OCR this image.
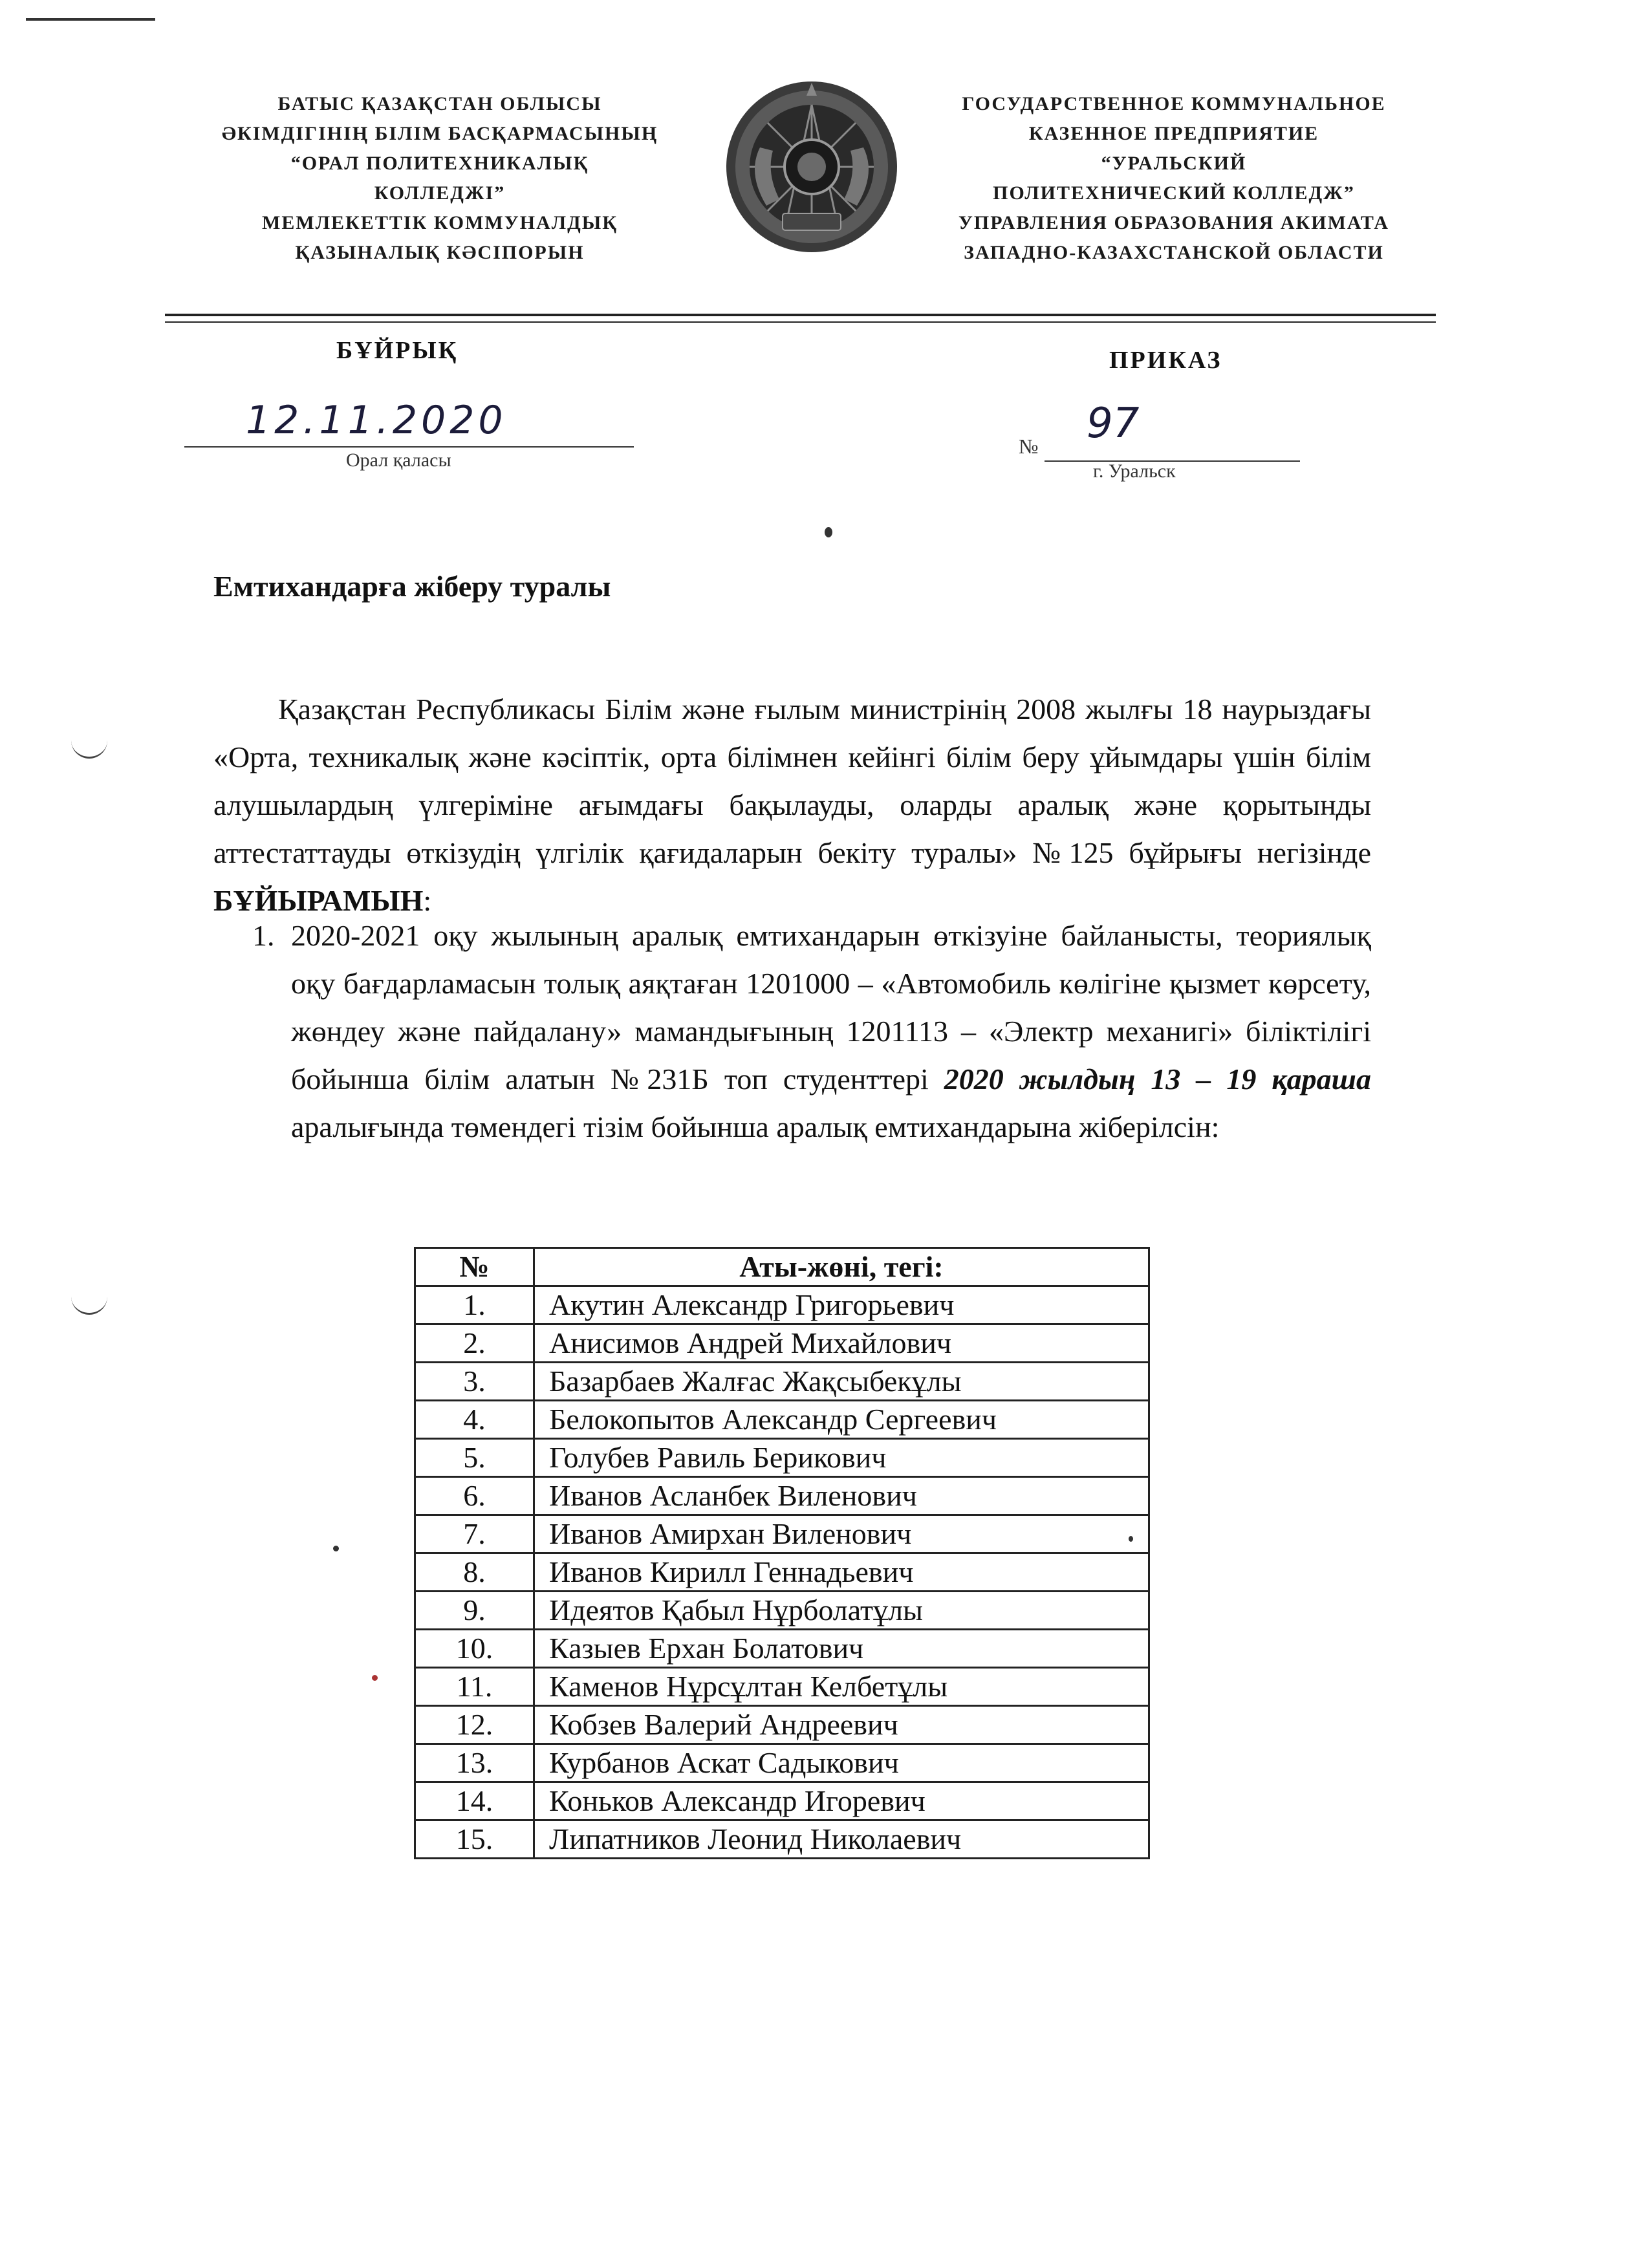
БАТЫС ҚАЗАҚСТАН ОБЛЫСЫ
ӘКІМДІГІНІҢ БІЛІМ БАСҚАРМАСЫНЫҢ
“ОРАЛ ПОЛИТЕХНИКАЛЫҚ
КОЛЛЕДЖІ”
МЕМЛЕКЕТТІК КОММУНАЛДЫҚ
ҚАЗЫНАЛЫҚ КӘСІПОРЫН
ГОСУДАРСТВЕННОЕ КОММУНАЛЬНОЕ
КАЗЕННОЕ ПРЕДПРИЯТИЕ
“УРАЛЬСКИЙ
ПОЛИТЕХНИЧЕСКИЙ КОЛЛЕДЖ”
УПРАВЛЕНИЯ ОБРАЗОВАНИЯ АКИМАТА
ЗАПАДНО-КАЗАХСТАНСКОЙ ОБЛАСТИ
БҰЙРЫҚ	ПРИКАЗ
12.11.2020
Орал қаласы
№ 97
г. Уральск
Емтихандарға жіберу туралы

Қазақстан Республикасы Білім және ғылым министрінің 2008 жылғы 18 наурыздағы «Орта, техникалық және кәсіптік, орта білімнен кейінгі білім беру ұйымдары үшін білім алушылардың үлгеріміне ағымдағы бақылауды, оларды аралық және қорытынды аттестаттауды өткізудің үлгілік қағидаларын бекіту туралы» №125 бұйрығы негізінде БҰЙЫРАМЫН:

1. 2020-2021 оқу жылының аралық емтихандарын өткізуіне байланысты, теориялық оқу бағдарламасын толық аяқтаған 1201000 – «Автомобиль көлігіне қызмет көрсету, жөндеу және пайдалану» мамандығының 1201113 – «Электр механигі» біліктілігі бойынша білім алатын №231Б топ студенттері 2020 жылдың 13 – 19 қараша аралығында төмендегі тізім бойынша аралық емтихандарына жіберілсін:
№	Аты-жөні, тегі:
1.	Акутин Александр Григорьевич
2.	Анисимов Андрей Михайлович
3.	Базарбаев Жалғас Жақсыбекұлы
4.	Белокопытов Александр Сергеевич
5.	Голубев Равиль Берикович
6.	Иванов Асланбек Виленович
7.	Иванов Амирхан Виленович
8.	Иванов Кирилл Геннадьевич
9.	Идеятов Қабыл Нұрболатұлы
10.	Казыев Ерхан Болатович
11.	Каменов Нұрсұлтан Келбетұлы
12.	Кобзев Валерий Андреевич
13.	Курбанов Аскат Садыкович
14.	Коньков Александр Игоревич
15.	Липатников Леонид Николаевич
